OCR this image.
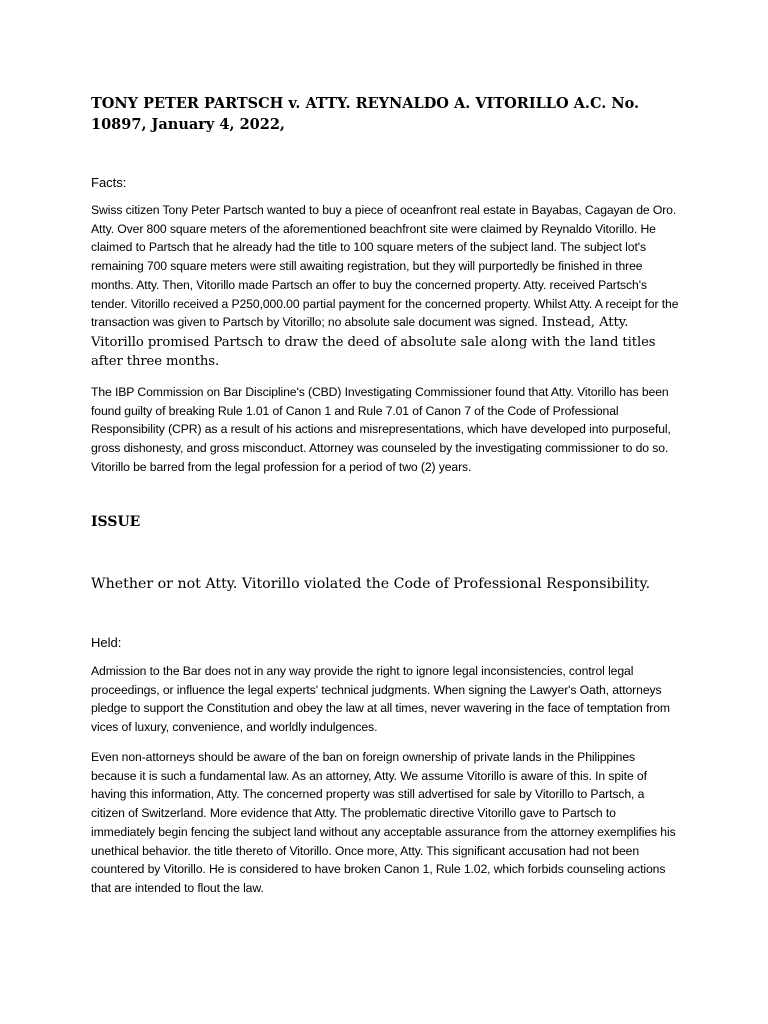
TONY PETER PARTSCH v. ATTY. REYNALDO A. VITORILLO A.C. No. 10897, January 4, 2022,

Facts:

Swiss citizen Tony Peter Partsch wanted to buy a piece of oceanfront real estate in Bayabas, Cagayan de Oro. Atty. Over 800 square meters of the aforementioned beachfront site were claimed by Reynaldo Vitorillo. He claimed to Partsch that he already had the title to 100 square meters of the subject land. The subject lot's remaining 700 square meters were still awaiting registration, but they will purportedly be finished in three months. Atty. Then, Vitorillo made Partsch an offer to buy the concerned property. Atty. received Partsch's tender. Vitorillo received a P250,000.00 partial payment for the concerned property. Whilst Atty. A receipt for the transaction was given to Partsch by Vitorillo; no absolute sale document was signed. Instead, Atty. Vitorillo promised Partsch to draw the deed of absolute sale along with the land titles after three months.

The IBP Commission on Bar Discipline's (CBD) Investigating Commissioner found that Atty. Vitorillo has been found guilty of breaking Rule 1.01 of Canon 1 and Rule 7.01 of Canon 7 of the Code of Professional Responsibility (CPR) as a result of his actions and misrepresentations, which have developed into purposeful, gross dishonesty, and gross misconduct. Attorney was counseled by the investigating commissioner to do so. Vitorillo be barred from the legal profession for a period of two (2) years.

ISSUE

Whether or not Atty. Vitorillo violated the Code of Professional Responsibility.

Held:

Admission to the Bar does not in any way provide the right to ignore legal inconsistencies, control legal proceedings, or influence the legal experts' technical judgments. When signing the Lawyer's Oath, attorneys pledge to support the Constitution and obey the law at all times, never wavering in the face of temptation from vices of luxury, convenience, and worldly indulgences.

Even non-attorneys should be aware of the ban on foreign ownership of private lands in the Philippines because it is such a fundamental law. As an attorney, Atty. We assume Vitorillo is aware of this. In spite of having this information, Atty. The concerned property was still advertised for sale by Vitorillo to Partsch, a citizen of Switzerland. More evidence that Atty. The problematic directive Vitorillo gave to Partsch to immediately begin fencing the subject land without any acceptable assurance from the attorney exemplifies his unethical behavior. the title thereto of Vitorillo. Once more, Atty. This significant accusation had not been countered by Vitorillo. He is considered to have broken Canon 1, Rule 1.02, which forbids counseling actions that are intended to flout the law.
